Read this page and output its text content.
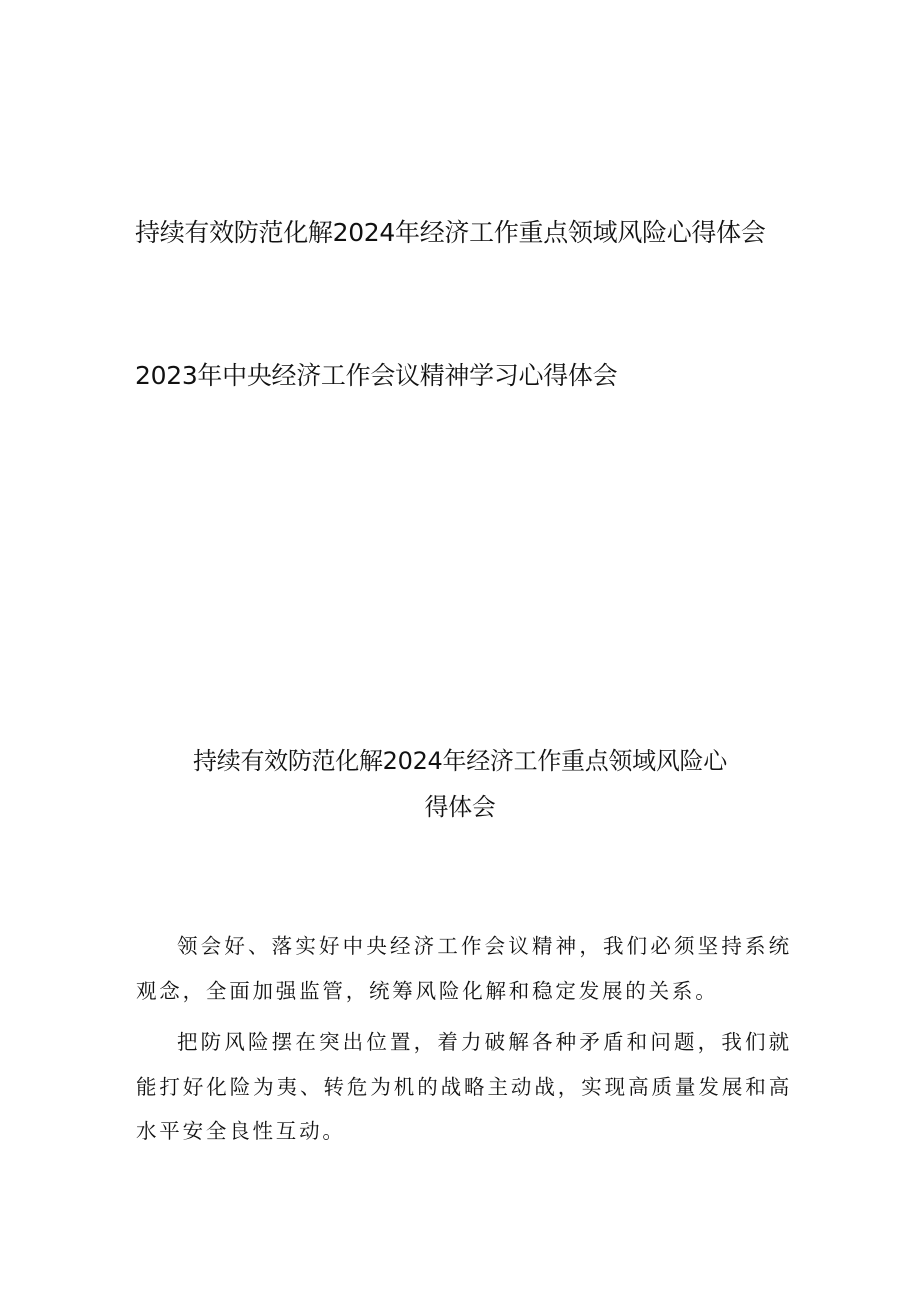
持续有效防范化解2024年经济工作重点领域风险心得体会
2023年中央经济工作会议精神学习心得体会
持续有效防范化解2024年经济工作重点领域风险心
得体会

领会好、落实好中央经济工作会议精神，我们必须坚持系统观念，全面加强监管，统筹风险化解和稳定发展的关系。

把防风险摆在突出位置，着力破解各种矛盾和问题，我们就能打好化险为夷、转危为机的战略主动战，实现高质量发展和高水平安全良性互动。
